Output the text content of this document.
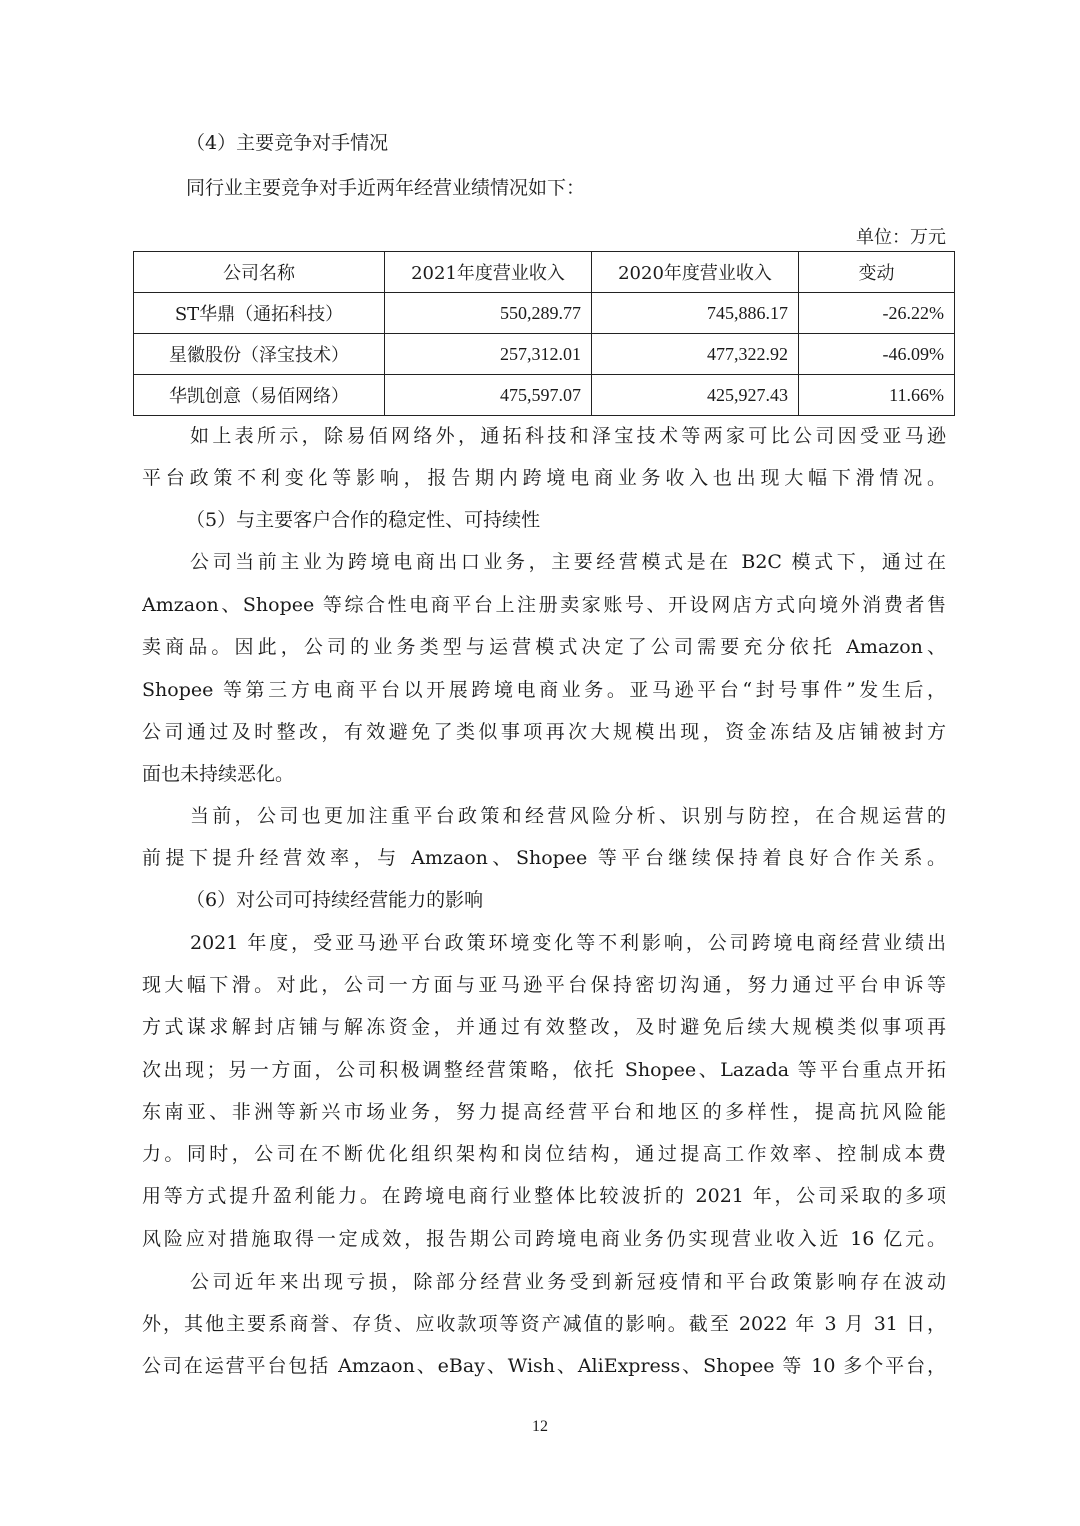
（4）主要竞争对手情况
同行业主要竞争对手近两年经营业绩情况如下：
单位：万元
公司名称	2021年度营业收入	2020年度营业收入	变动
ST华鼎（通拓科技）	550,289.77	745,886.17	-26.22%
星徽股份（泽宝技术）	257,312.01	477,322.92	-46.09%
华凯创意（易佰网络）	475,597.07	425,927.43	11.66%
如上表所示，除易佰网络外，通拓科技和泽宝技术等两家可比公司因受亚马逊
平台政策不利变化等影响，报告期内跨境电商业务收入也出现大幅下滑情况。
（5）与主要客户合作的稳定性、可持续性
公司当前主业为跨境电商出口业务，主要经营模式是在 B2C 模式下，通过在
Amzaon、Shopee 等综合性电商平台上注册卖家账号、开设网店方式向境外消费者售
卖商品。因此，公司的业务类型与运营模式决定了公司需要充分依托 Amazon、
Shopee 等第三方电商平台以开展跨境电商业务。亚马逊平台“封号事件”发生后，
公司通过及时整改，有效避免了类似事项再次大规模出现，资金冻结及店铺被封方
面也未持续恶化。
当前，公司也更加注重平台政策和经营风险分析、识别与防控，在合规运营的
前提下提升经营效率，与 Amzaon、Shopee 等平台继续保持着良好合作关系。
（6）对公司可持续经营能力的影响
2021 年度，受亚马逊平台政策环境变化等不利影响，公司跨境电商经营业绩出
现大幅下滑。对此，公司一方面与亚马逊平台保持密切沟通，努力通过平台申诉等
方式谋求解封店铺与解冻资金，并通过有效整改，及时避免后续大规模类似事项再
次出现；另一方面，公司积极调整经营策略，依托 Shopee、Lazada 等平台重点开拓
东南亚、非洲等新兴市场业务，努力提高经营平台和地区的多样性，提高抗风险能
力。同时，公司在不断优化组织架构和岗位结构，通过提高工作效率、控制成本费
用等方式提升盈利能力。在跨境电商行业整体比较波折的 2021 年，公司采取的多项
风险应对措施取得一定成效，报告期公司跨境电商业务仍实现营业收入近 16 亿元。
公司近年来出现亏损，除部分经营业务受到新冠疫情和平台政策影响存在波动
外，其他主要系商誉、存货、应收款项等资产减值的影响。截至 2022 年 3 月 31 日，
公司在运营平台包括 Amzaon、eBay、Wish、AliExpress、Shopee 等 10 多个平台，
12
